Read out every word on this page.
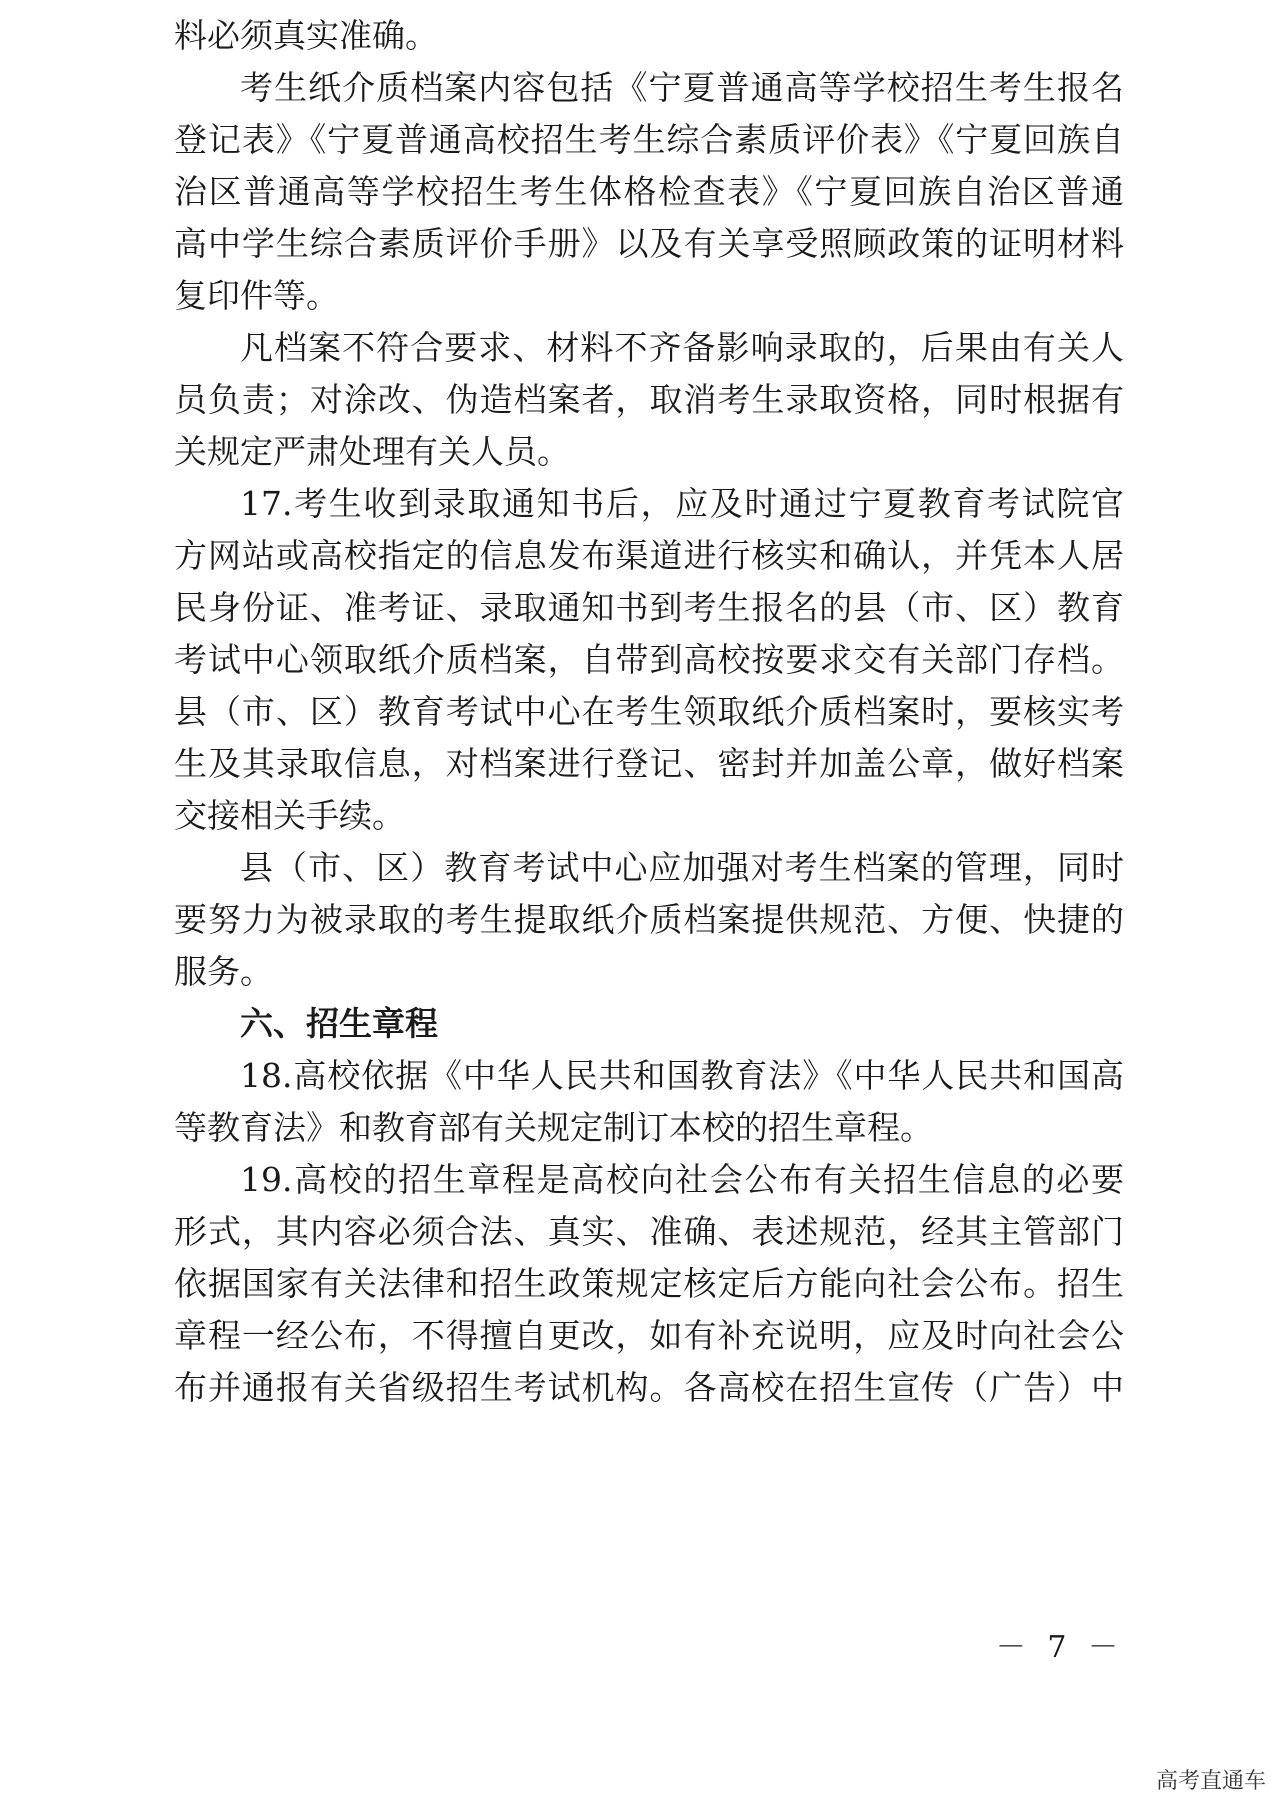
料必须真实准确。
考生纸介质档案内容包括《宁夏普通高等学校招生考生报名
登记表》《宁夏普通高校招生考生综合素质评价表》《宁夏回族自
治区普通高等学校招生考生体格检查表》《宁夏回族自治区普通
高中学生综合素质评价手册》以及有关享受照顾政策的证明材料
复印件等。
凡档案不符合要求、材料不齐备影响录取的，后果由有关人
员负责；对涂改、伪造档案者，取消考生录取资格，同时根据有
关规定严肃处理有关人员。
17.考生收到录取通知书后，应及时通过宁夏教育考试院官
方网站或高校指定的信息发布渠道进行核实和确认，并凭本人居
民身份证、准考证、录取通知书到考生报名的县（市、区）教育
考试中心领取纸介质档案，自带到高校按要求交有关部门存档。
县（市、区）教育考试中心在考生领取纸介质档案时，要核实考
生及其录取信息，对档案进行登记、密封并加盖公章，做好档案
交接相关手续。
县（市、区）教育考试中心应加强对考生档案的管理，同时
要努力为被录取的考生提取纸介质档案提供规范、方便、快捷的
服务。
六、招生章程
18.高校依据《中华人民共和国教育法》《中华人民共和国高
等教育法》和教育部有关规定制订本校的招生章程。
19.高校的招生章程是高校向社会公布有关招生信息的必要
形式，其内容必须合法、真实、准确、表述规范，经其主管部门
依据国家有关法律和招生政策规定核定后方能向社会公布。招生
章程一经公布，不得擅自更改，如有补充说明，应及时向社会公
布并通报有关省级招生考试机构。各高校在招生宣传（广告）中
－ 7 －
高考直通车
